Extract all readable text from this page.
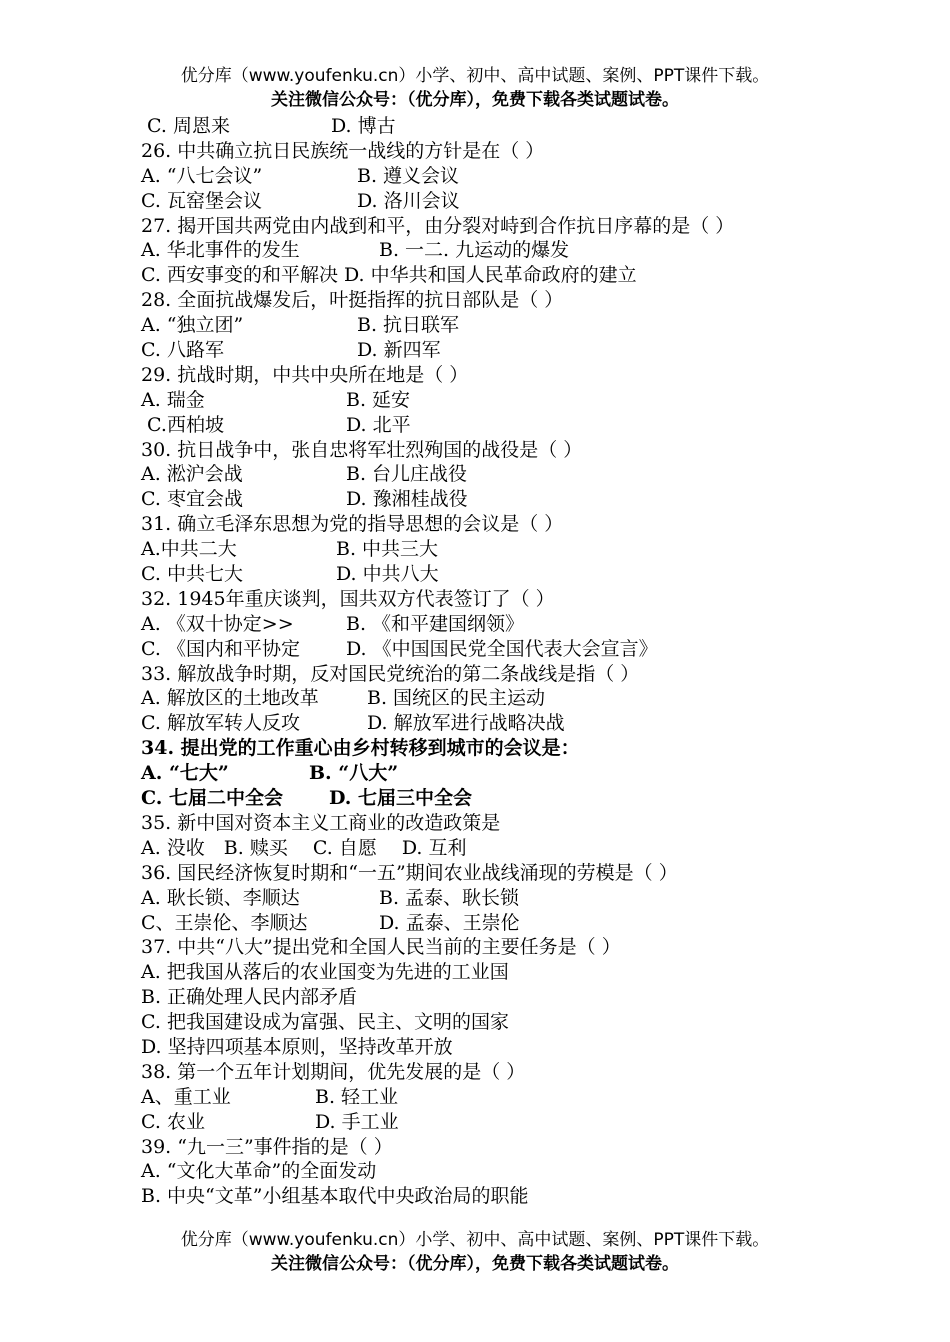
优分库（www.youfenku.cn）小学、初中、高中试题、案例、PPT课件下载。
关注微信公众号：（优分库），免费下载各类试题试卷。
C. 周恩来	D. 博古
26. 中共确立抗日民族统一战线的方针是在（ ）
A. “八七会议”	B. 遵义会议
C. 瓦窑堡会议	D. 洛川会议
27. 揭开国共两党由内战到和平，由分裂对峙到合作抗日序幕的是（ ）
A. 华北事件的发生	B. 一二. 九运动的爆发
C. 西安事变的和平解决 D. 中华共和国人民革命政府的建立
28. 全面抗战爆发后，叶挺指挥的抗日部队是（ ）
A. “独立团”	B. 抗日联军
C. 八路军	D. 新四军
29. 抗战时期，中共中央所在地是（ ）
A. 瑞金	B. 延安
C.西柏坡	D. 北平
30. 抗日战争中，张自忠将军壮烈殉国的战役是（ ）
A. 淞沪会战	B. 台儿庄战役
C. 枣宜会战	D. 豫湘桂战役
31. 确立毛泽东思想为党的指导思想的会议是（ ）
A.中共二大	B. 中共三大
C. 中共七大	D. 中共八大
32. 1945年重庆谈判，国共双方代表签订了（ ）
A. 《双十协定>>	B. 《和平建国纲领》
C. 《国内和平协定	D. 《中国国民党全国代表大会宣言》
33. 解放战争时期，反对国民党统治的第二条战线是指（ ）
A. 解放区的土地改革	B. 国统区的民主运动
C. 解放军转人反攻	D. 解放军进行战略决战
34. 提出党的工作重心由乡村转移到城市的会议是：
A. “七大”	B. “八大”
C. 七届二中全会	D. 七届三中全会
35. 新中国对资本主义工商业的改造政策是
A. 没收　B. 赎买　 C. 自愿　 D. 互利
36. 国民经济恢复时期和“一五”期间农业战线涌现的劳模是（ ）
A. 耿长锁、李顺达	B. 孟泰、耿长锁
C、王崇伦、李顺达	D. 孟泰、王崇伦
37. 中共“八大”提出党和全国人民当前的主要任务是（ ）
A. 把我国从落后的农业国变为先进的工业国
B. 正确处理人民内部矛盾
C. 把我国建设成为富强、民主、文明的国家
D. 坚持四项基本原则，坚持改革开放
38. 第一个五年计划期间，优先发展的是（ ）
A、重工业	B. 轻工业
C. 农业	D. 手工业
39. “九一三”事件指的是（ ）
A. “文化大革命”的全面发动
B. 中央“文革”小组基本取代中央政治局的职能
优分库（www.youfenku.cn）小学、初中、高中试题、案例、PPT课件下载。
关注微信公众号：（优分库），免费下载各类试题试卷。
